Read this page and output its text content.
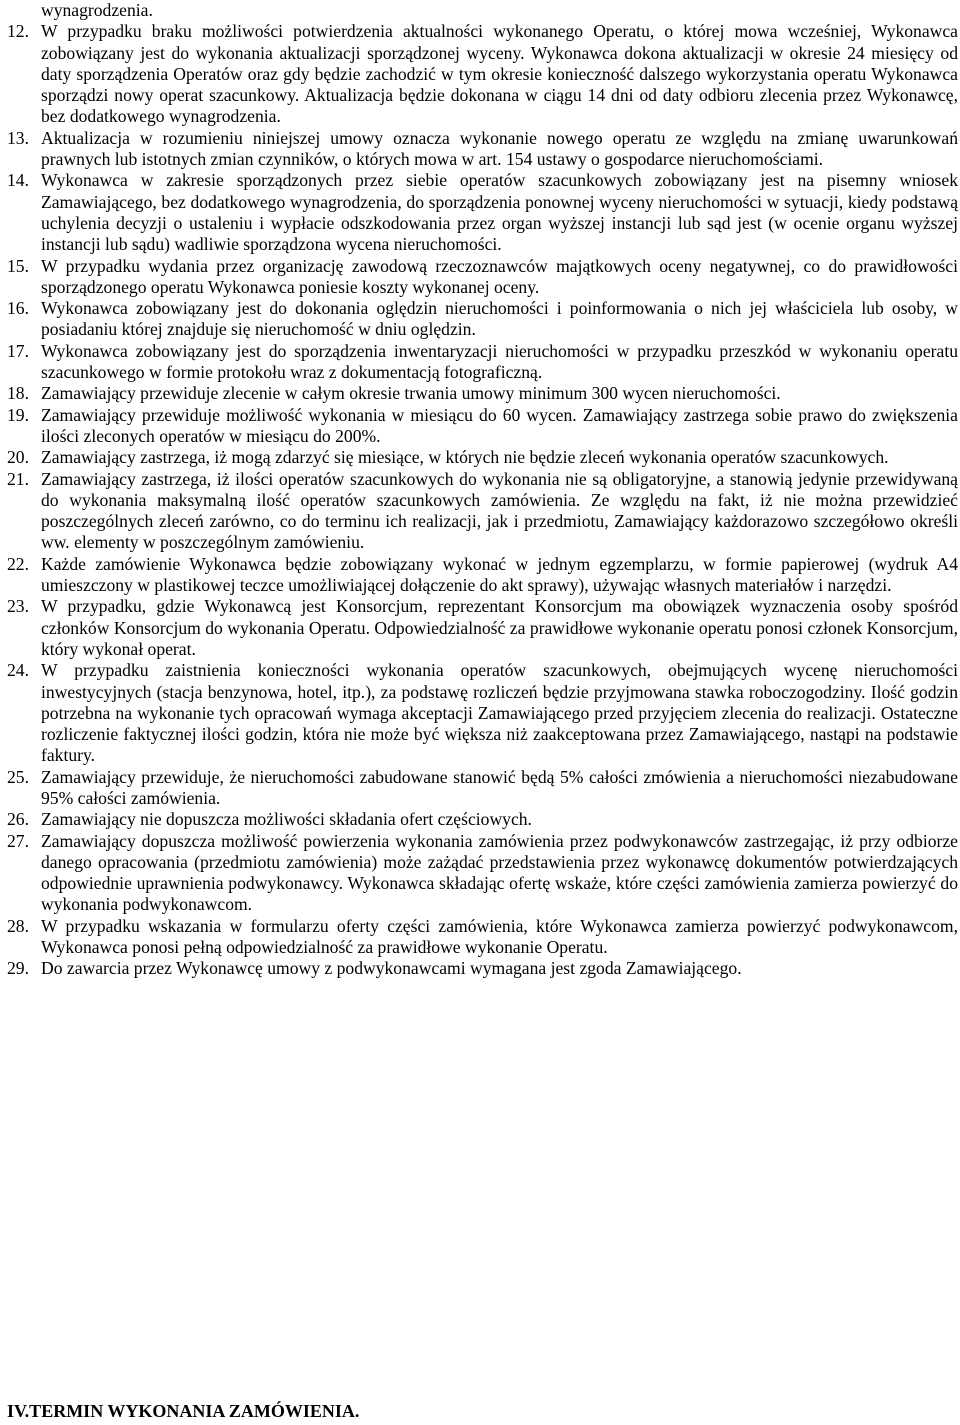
wynagrodzenia.

12. W przypadku braku możliwości potwierdzenia aktualności wykonanego Operatu, o której mowa wcześniej, Wykonawca zobowiązany jest do wykonania aktualizacji sporządzonej wyceny. Wykonawca dokona aktualizacji w okresie 24 miesięcy od daty sporządzenia Operatów oraz gdy będzie zachodzić w tym okresie konieczność dalszego wykorzystania operatu Wykonawca sporządzi nowy operat szacunkowy. Aktualizacja będzie dokonana w ciągu 14 dni od daty odbioru zlecenia przez Wykonawcę, bez dodatkowego wynagrodzenia.

13. Aktualizacja w rozumieniu niniejszej umowy oznacza wykonanie nowego operatu ze względu na zmianę uwarunkowań prawnych lub istotnych zmian czynników, o których mowa w art. 154 ustawy o gospodarce nieruchomościami.

14. Wykonawca w zakresie sporządzonych przez siebie operatów szacunkowych zobowiązany jest na pisemny wniosek Zamawiającego, bez dodatkowego wynagrodzenia, do sporządzenia ponownej wyceny nieruchomości w sytuacji, kiedy podstawą uchylenia decyzji o ustaleniu i wypłacie odszkodowania przez organ wyższej instancji lub sąd jest (w ocenie organu wyższej instancji lub sądu) wadliwie sporządzona wycena nieruchomości.

15. W przypadku wydania przez organizację zawodową rzeczoznawców majątkowych oceny negatywnej, co do prawidłowości sporządzonego operatu Wykonawca poniesie koszty wykonanej oceny.

16. Wykonawca zobowiązany jest do dokonania oględzin nieruchomości i poinformowania o nich jej właściciela lub osoby, w posiadaniu której znajduje się nieruchomość w dniu oględzin.

17. Wykonawca zobowiązany jest do sporządzenia inwentaryzacji nieruchomości w przypadku przeszkód w wykonaniu operatu szacunkowego w formie protokołu wraz z dokumentacją fotograficzną.

18. Zamawiający przewiduje zlecenie w całym okresie trwania umowy minimum 300 wycen nieruchomości.

19. Zamawiający przewiduje możliwość wykonania w miesiącu do 60 wycen. Zamawiający zastrzega sobie prawo do zwiększenia ilości zleconych operatów w miesiącu do 200%.

20. Zamawiający zastrzega, iż mogą zdarzyć się miesiące, w których nie będzie zleceń wykonania operatów szacunkowych.

21. Zamawiający zastrzega, iż ilości operatów szacunkowych do wykonania nie są obligatoryjne, a stanowią jedynie przewidywaną do wykonania maksymalną ilość operatów szacunkowych zamówienia. Ze względu na fakt, iż nie można przewidzieć poszczególnych zleceń zarówno, co do terminu ich realizacji, jak i przedmiotu, Zamawiający każdorazowo szczegółowo określi ww. elementy w poszczególnym zamówieniu.

22. Każde zamówienie Wykonawca będzie zobowiązany wykonać w jednym egzemplarzu, w formie papierowej (wydruk A4 umieszczony w plastikowej teczce umożliwiającej dołączenie do akt sprawy), używając własnych materiałów i narzędzi.

23. W przypadku, gdzie Wykonawcą jest Konsorcjum, reprezentant Konsorcjum ma obowiązek wyznaczenia osoby spośród członków Konsorcjum do wykonania Operatu. Odpowiedzialność za prawidłowe wykonanie operatu ponosi członek Konsorcjum, który wykonał operat.

24. W przypadku zaistnienia konieczności wykonania operatów szacunkowych, obejmujących wycenę nieruchomości inwestycyjnych (stacja benzynowa, hotel, itp.), za podstawę rozliczeń będzie przyjmowana stawka roboczogodziny. Ilość godzin potrzebna na wykonanie tych opracowań wymaga akceptacji Zamawiającego przed przyjęciem zlecenia do realizacji. Ostateczne rozliczenie faktycznej ilości godzin, która nie może być większa niż zaakceptowana przez Zamawiającego, nastąpi na podstawie faktury.

25. Zamawiający przewiduje, że nieruchomości zabudowane stanowić będą 5% całości zmówienia a nieruchomości niezabudowane 95% całości zamówienia.

26. Zamawiający nie dopuszcza możliwości składania ofert częściowych.

27. Zamawiający dopuszcza możliwość powierzenia wykonania zamówienia przez podwykonawców zastrzegając, iż przy odbiorze danego opracowania (przedmiotu zamówienia) może zażądać przedstawienia przez wykonawcę dokumentów potwierdzających odpowiednie uprawnienia podwykonawcy. Wykonawca składając ofertę wskaże, które części zamówienia zamierza powierzyć do wykonania podwykonawcom.

28. W przypadku wskazania w formularzu oferty części zamówienia, które Wykonawca zamierza powierzyć podwykonawcom, Wykonawca ponosi pełną odpowiedzialność za prawidłowe wykonanie Operatu.

29. Do zawarcia przez Wykonawcę umowy z podwykonawcami wymagana jest zgoda Zamawiającego.

IV.TERMIN WYKONANIA ZAMÓWIENIA.
